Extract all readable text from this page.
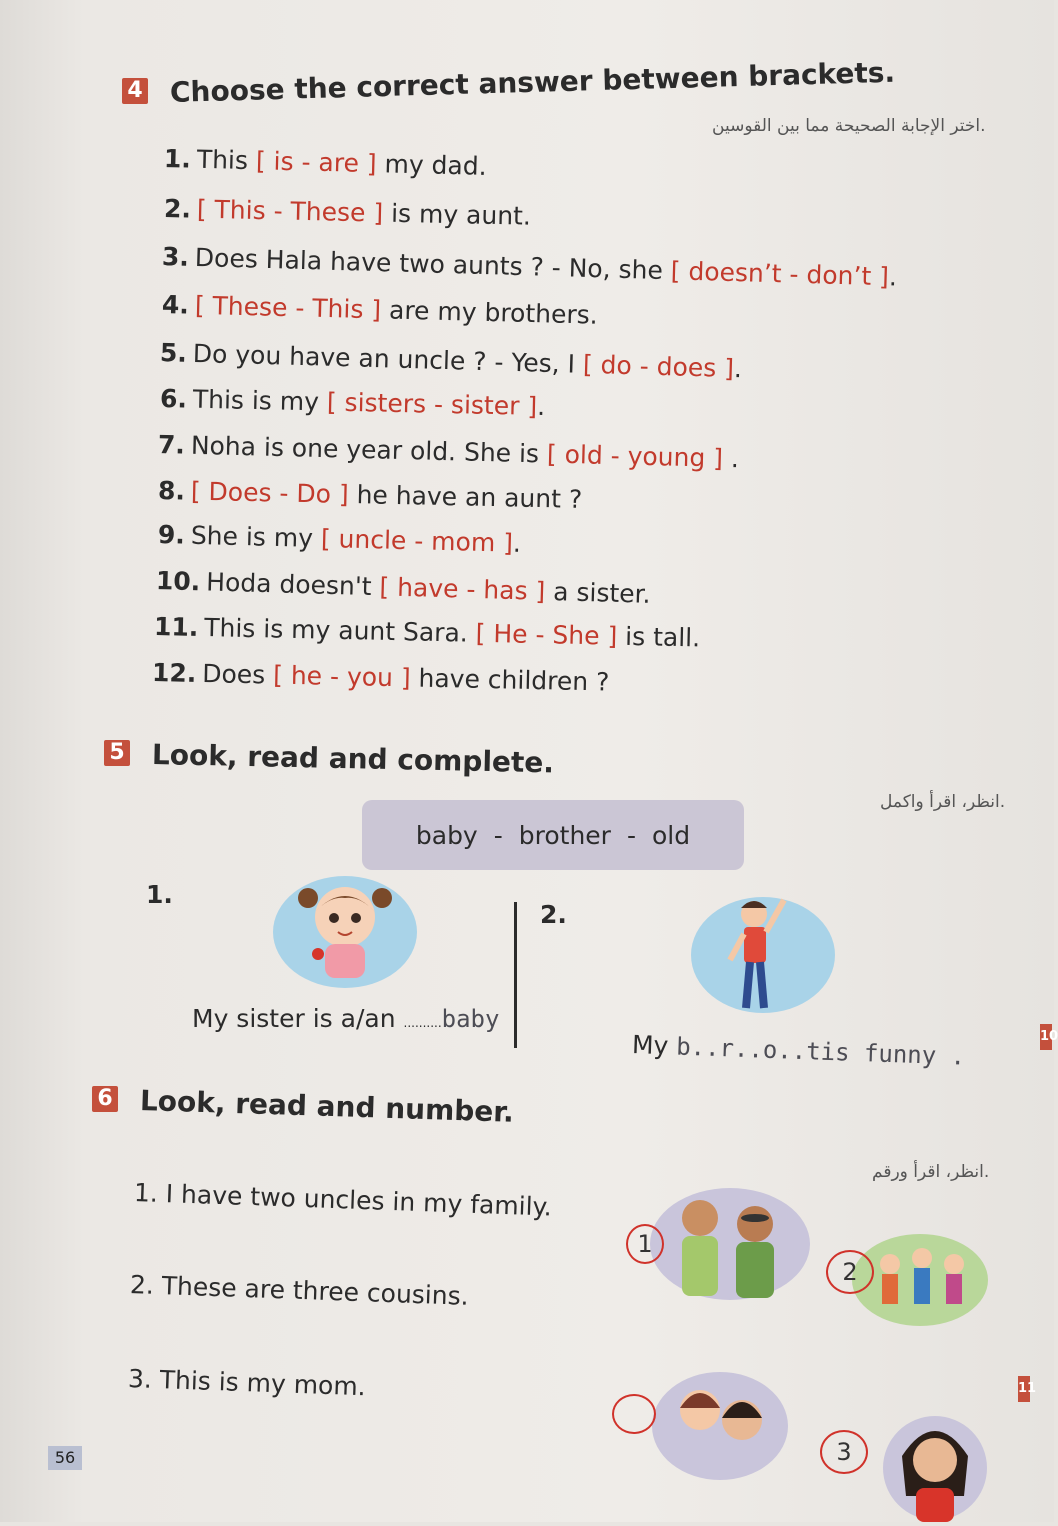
4 Choose the correct answer between brackets.
.اختر الإجابة الصحيحة مما بين القوسين
1. This [ is - are ] my dad.
2. [ This - These ] is my aunt.
3. Does Hala have two aunts ? - No, she [ doesn’t - don’t ].
4. [ These - This ] are my brothers.
5. Do you have an uncle ? - Yes, I [ do - does ].
6. This is my [ sisters - sister ].
7. Noha is one year old. She is [ old - young ] .
8. [ Does - Do ] he have an aunt ?
9. She is my [ uncle - mom ].
10. Hoda doesn't [ have - has ] a sister.
11. This is my aunt Sara. [ He - She ] is tall.
12. Does [ he - you ] have children ?
5 Look, read and complete.
.انظر، اقرأ واكمل
baby - brother - old
1.
My sister is a/an ..........baby
2.
My b..r..o..tis funny .
6 Look, read and number.
.انظر، اقرأ ورقم
1. I have two uncles in my family.
2. These are three cousins.
3. This is my mom.
1
2
3
56
10
11
